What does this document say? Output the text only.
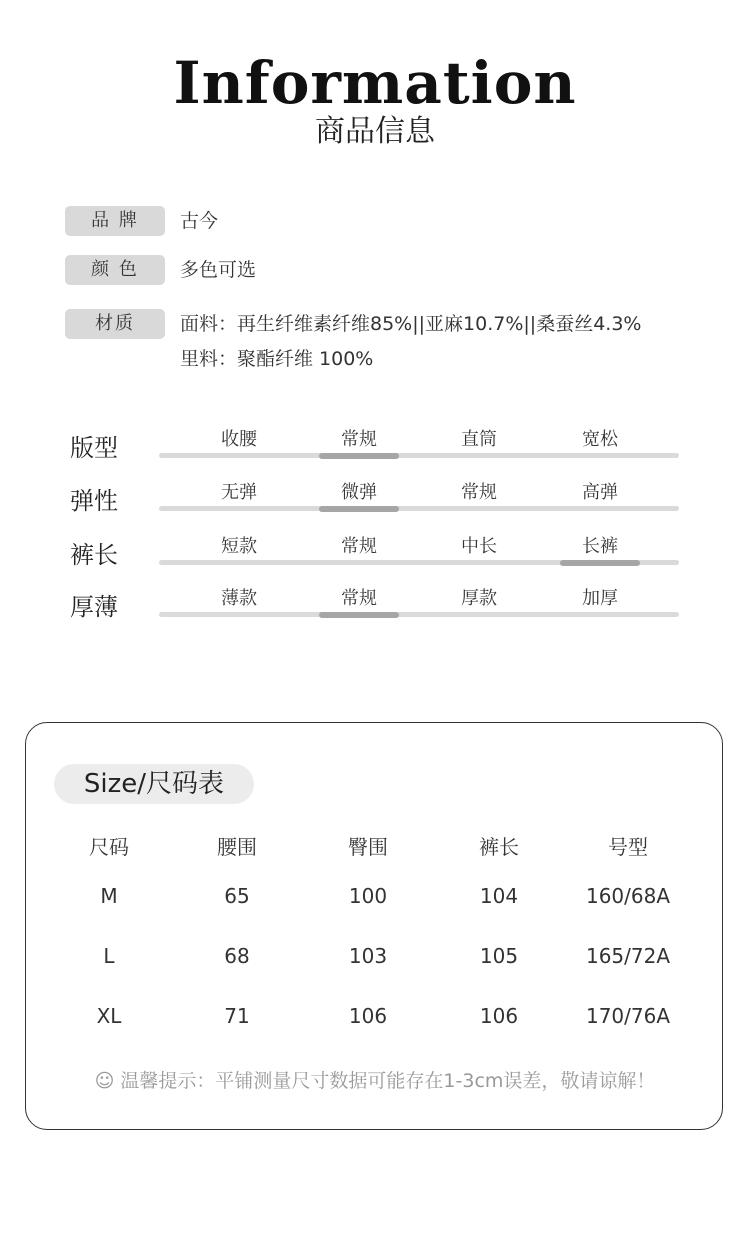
Information
商品信息
品 牌	古今
颜 色	多色可选
材质	面料：再生纤维素纤维85%||亚麻10.7%||桑蚕丝4.3%
里料：聚酯纤维 100%
版型	收腰	常规	直筒	宽松
弹性	无弹	微弹	常规	高弹
裤长	短款	常规	中长	长裤
厚薄	薄款	常规	厚款	加厚
Size/尺码表
尺码	腰围	臀围	裤长	号型
M	65	100	104	160/68A
L	68	103	105	165/72A
XL	71	106	106	170/76A
☺ 温馨提示：平铺测量尺寸数据可能存在1-3cm误差，敬请谅解！
